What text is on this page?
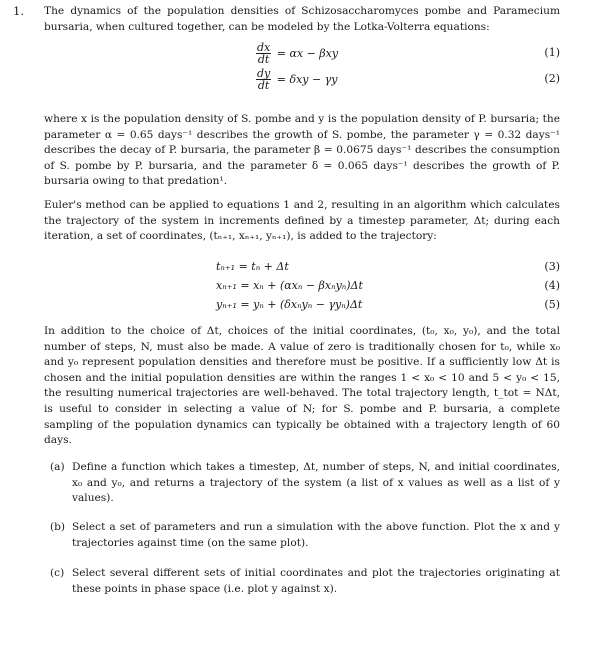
1. The dynamics of the population densities of Schizosaccharomyces pombe and Paramecium bursaria, when cultured together, can be modeled by the Lotka-Volterra equations:
$\frac{dx}{dt} = \alpha x - \beta xy$	(1)
$\frac{dy}{dt} = \delta xy - \gamma y$	(2)
where x is the population density of S. pombe and y is the population density of P. bursaria; the parameter α = 0.65 days⁻¹ describes the growth of S. pombe, the parameter γ = 0.32 days⁻¹ describes the decay of P. bursaria, the parameter β = 0.0675 days⁻¹ describes the consumption of S. pombe by P. bursaria, and the parameter δ = 0.065 days⁻¹ describes the growth of P. bursaria owing to that predation¹.
Euler's method can be applied to equations 1 and 2, resulting in an algorithm which calculates the trajectory of the system in increments defined by a timestep parameter, Δt; during each iteration, a set of coordinates, (tₙ₊₁, xₙ₊₁, yₙ₊₁), is added to the trajectory:
tₙ₊₁ = tₙ + Δt	(3)
xₙ₊₁ = xₙ + (αxₙ − βxₙyₙ)Δt	(4)
yₙ₊₁ = yₙ + (δxₙyₙ − γyₙ)Δt	(5)
In addition to the choice of Δt, choices of the initial coordinates, (t₀, x₀, y₀), and the total number of steps, N, must also be made. A value of zero is traditionally chosen for t₀, while x₀ and y₀ represent population densities and therefore must be positive. If a sufficiently low Δt is chosen and the initial population densities are within the ranges 1 < x₀ < 10 and 5 < y₀ < 15, the resulting numerical trajectories are well-behaved. The total trajectory length, t_tot = NΔt, is useful to consider in selecting a value of N; for S. pombe and P. bursaria, a complete sampling of the population dynamics can typically be obtained with a trajectory length of 60 days.
(a) Define a function which takes a timestep, Δt, number of steps, N, and initial coordinates, x₀ and y₀, and returns a trajectory of the system (a list of x values as well as a list of y values).
(b) Select a set of parameters and run a simulation with the above function. Plot the x and y trajectories against time (on the same plot).
(c) Select several different sets of initial coordinates and plot the trajectories originating at these points in phase space (i.e. plot y against x).
